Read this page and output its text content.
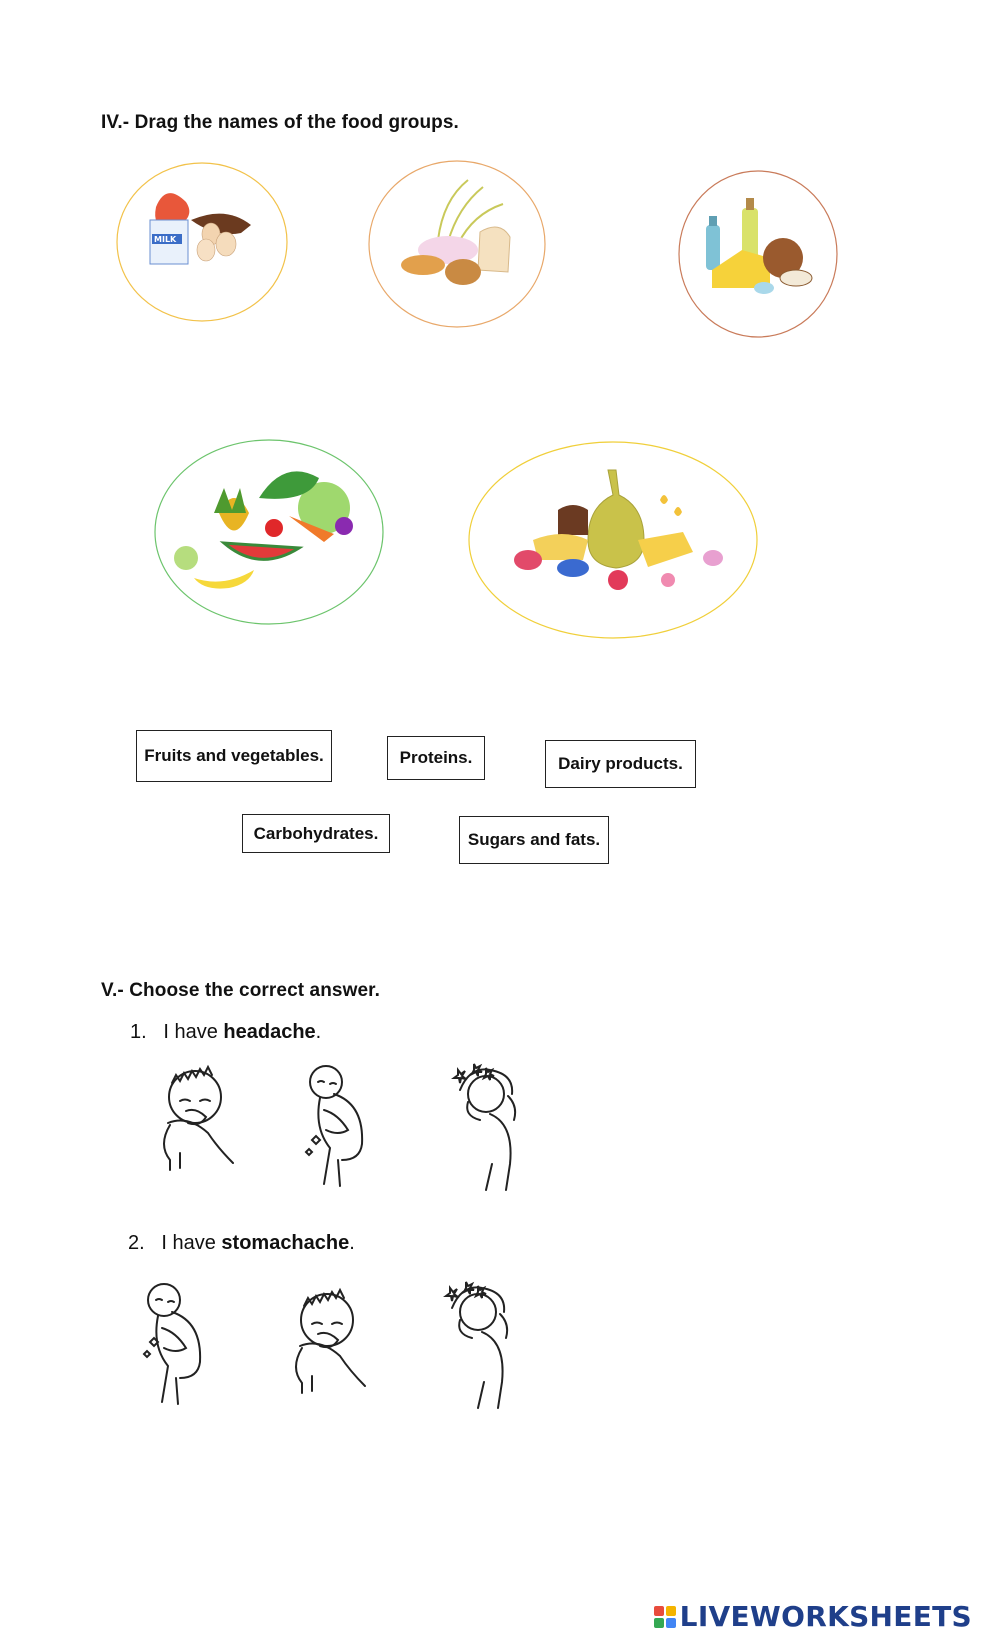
IV.- Drag the names of the food groups.
MILK
Fruits and vegetables.	Proteins.	Dairy products.
Carbohydrates.	Sugars and fats.
V.- Choose the correct answer.
1. I have headache.
2. I have stomachache.
LIVEWORKSHEETS
